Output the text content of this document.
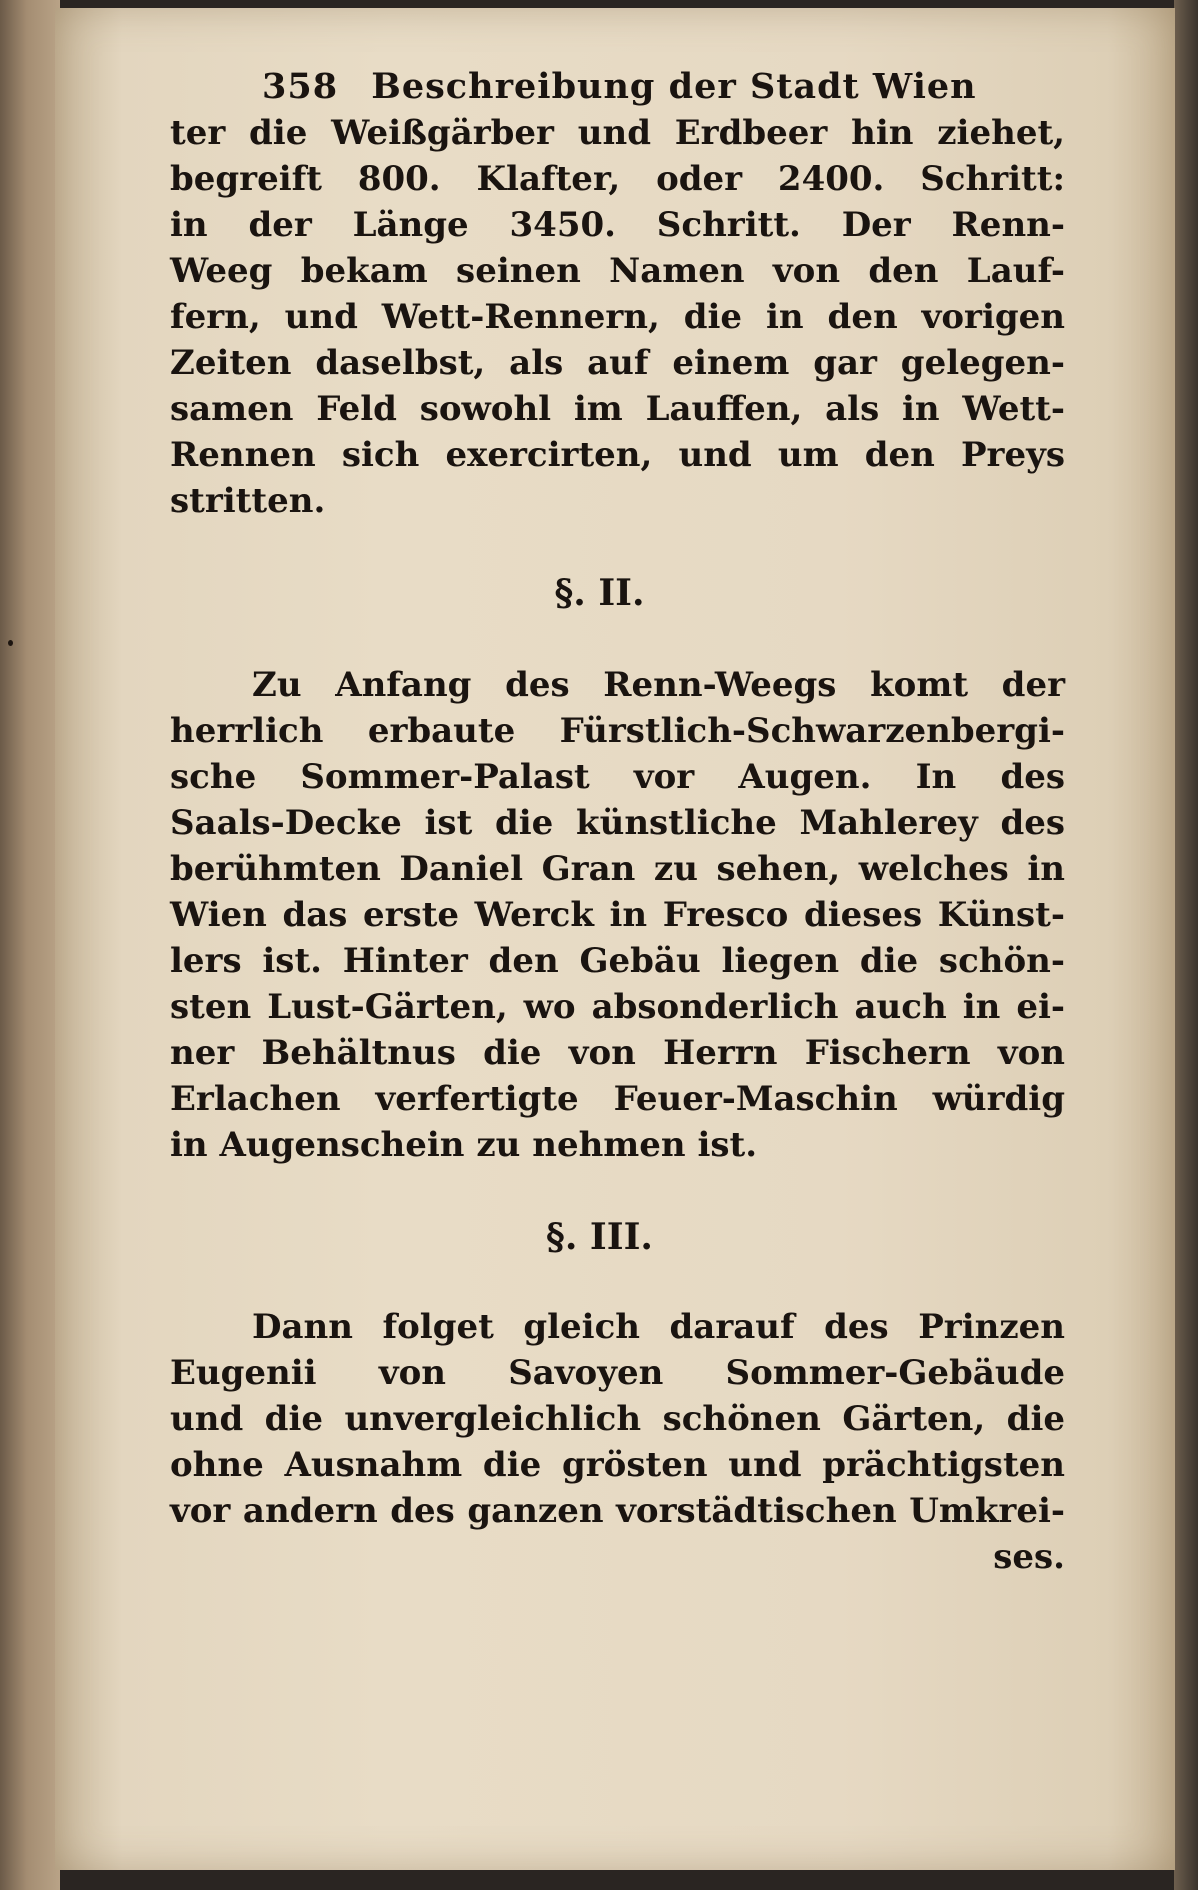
358 Beschreibung der Stadt Wien
ter die Weißgärber und Erdbeer hin ziehet,
begreift 800. Klafter, oder 2400. Schritt:
in der Länge 3450. Schritt. Der Renn-
Weeg bekam seinen Namen von den Lauf-
fern, und Wett-Rennern, die in den vorigen
Zeiten daselbst, als auf einem gar gelegen-
samen Feld sowohl im Lauffen, als in Wett-
Rennen sich exercirten, und um den Preys
stritten.
§. II.
Zu Anfang des Renn-Weegs komt der
herrlich erbaute Fürstlich-Schwarzenbergi-
sche Sommer-Palast vor Augen. In des
Saals-Decke ist die künstliche Mahlerey des
berühmten Daniel Gran zu sehen, welches in
Wien das erste Werck in Fresco dieses Künst-
lers ist. Hinter den Gebäu liegen die schön-
sten Lust-Gärten, wo absonderlich auch in ei-
ner Behältnus die von Herrn Fischern von
Erlachen verfertigte Feuer-Maschin würdig
in Augenschein zu nehmen ist.
§. III.
Dann folget gleich darauf des Prinzen
Eugenii von Savoyen Sommer-Gebäude
und die unvergleichlich schönen Gärten, die
ohne Ausnahm die grösten und prächtigsten
vor andern des ganzen vorstädtischen Umkrei-
ses.
